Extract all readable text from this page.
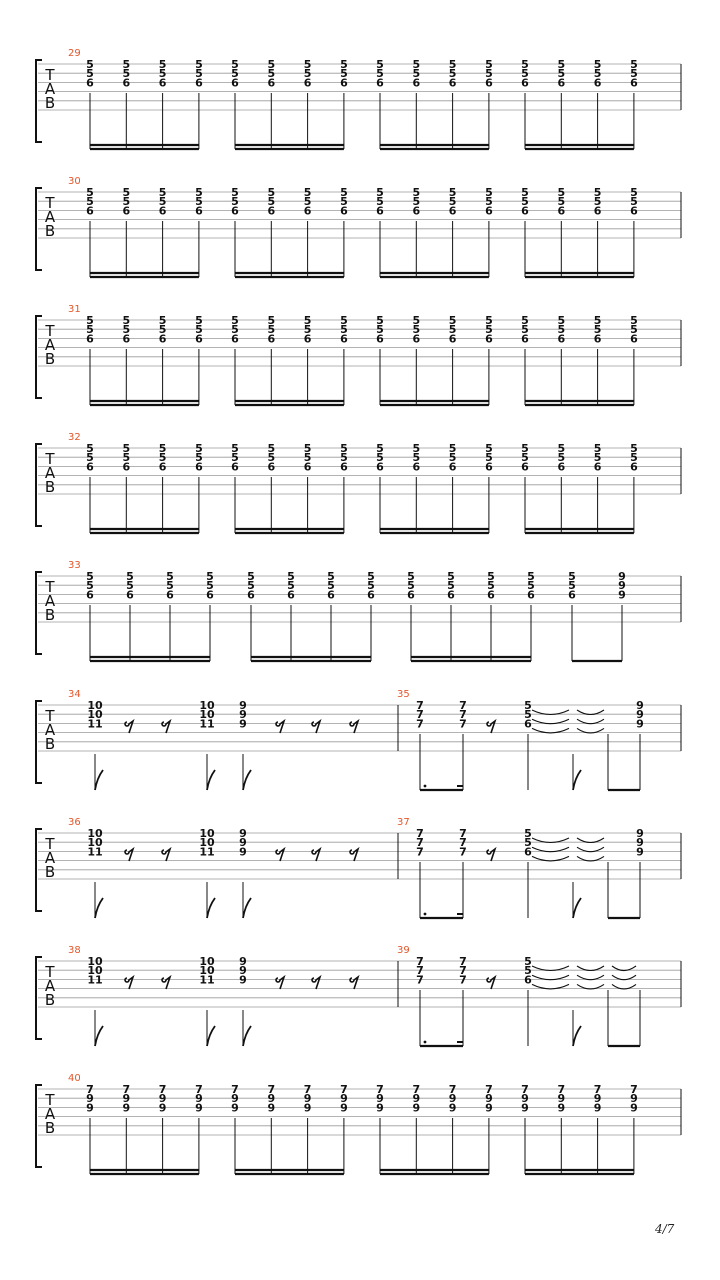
T
A
B
29
5
5
6
5
5
6
5
5
6
5
5
6
5
5
6
5
5
6
5
5
6
5
5
6
5
5
6
5
5
6
5
5
6
5
5
6
5
5
6
5
5
6
5
5
6
5
5
6
T
A
B
30
5
5
6
5
5
6
5
5
6
5
5
6
5
5
6
5
5
6
5
5
6
5
5
6
5
5
6
5
5
6
5
5
6
5
5
6
5
5
6
5
5
6
5
5
6
5
5
6
T
A
B
31
5
5
6
5
5
6
5
5
6
5
5
6
5
5
6
5
5
6
5
5
6
5
5
6
5
5
6
5
5
6
5
5
6
5
5
6
5
5
6
5
5
6
5
5
6
5
5
6
T
A
B
32
5
5
6
5
5
6
5
5
6
5
5
6
5
5
6
5
5
6
5
5
6
5
5
6
5
5
6
5
5
6
5
5
6
5
5
6
5
5
6
5
5
6
5
5
6
5
5
6
T
A
B
33
5
5
6
5
5
6
5
5
6
5
5
6
5
5
6
5
5
6
5
5
6
5
5
6
5
5
6
5
5
6
5
5
6
5
5
6
5
5
6
9
9
9
T
A
B
34
10
10
11
10
10
11
9
9
9
35
7
7
7
7
7
7
5
5
6
9
9
9
T
A
B
36
10
10
11
10
10
11
9
9
9
37
7
7
7
7
7
7
5
5
6
9
9
9
T
A
B
38
10
10
11
10
10
11
9
9
9
39
7
7
7
7
7
7
5
5
6
T
A
B
40
7
9
9
7
9
9
7
9
9
7
9
9
7
9
9
7
9
9
7
9
9
7
9
9
7
9
9
7
9
9
7
9
9
7
9
9
7
9
9
7
9
9
7
9
9
7
9
9
4/7
